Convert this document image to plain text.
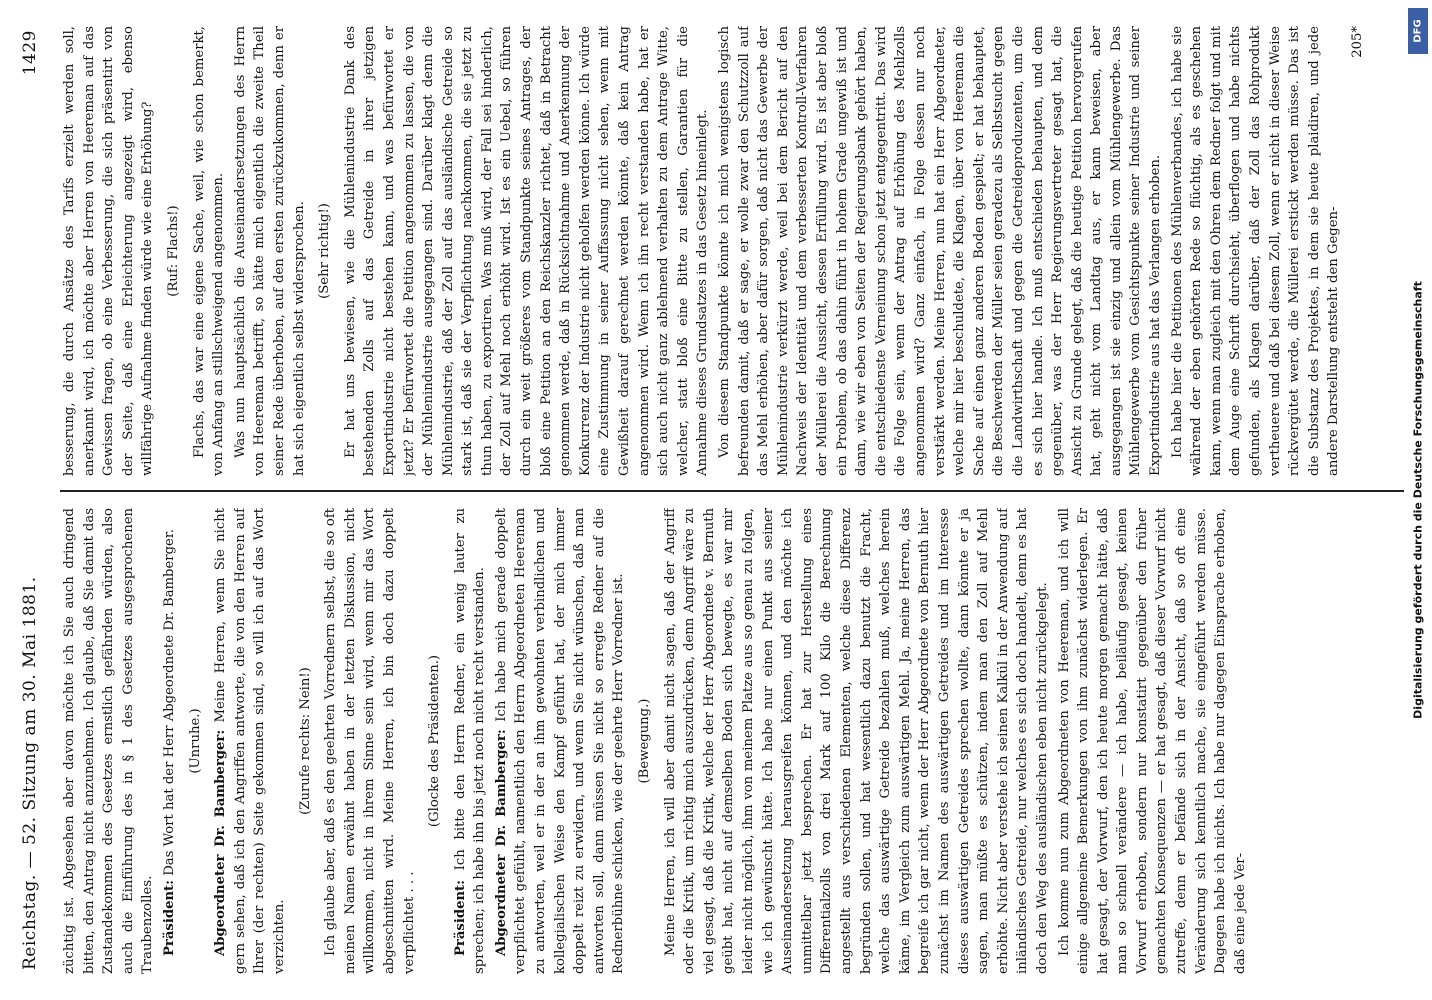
Reichstag. — 52. Sitzung am 30. Mai 1881.
1429

züchtig ist. Abgesehen aber davon möchte ich Sie auch dringend bitten, den Antrag nicht anzunehmen. Ich glaube, daß Sie damit das Zustandekommen des Gesetzes ernstlich gefährden würden, also auch die Einführung des in § 1 des Gesetzes ausgesprochenen Traubenzolles. Präsident: Das Wort hat der Herr Abgeordnete Dr. Bamberger. (Unruhe.) Abgeordneter Dr. Bamberger: Meine Herren, wenn Sie nicht gern sehen, daß ich den Angriffen antworte, die von den Herren auf Ihrer (der rechten) Seite gekommen sind, so will ich auf das Wort verzichten.

(Zurufe rechts: Nein!) Ich glaube aber, daß es den geehrten Vorrednern selbst, die so oft meinen Namen erwähnt haben in der letzten Diskussion, nicht willkommen, nicht in ihrem Sinne sein wird, wenn mir das Wort abgeschnitten wird. Meine Herren, ich bin doch dazu doppelt verpflichtet . . .

(Glocke des Präsidenten.)

Präsident: Ich bitte den Herrn Redner, ein wenig lauter zu sprechen; ich habe ihn bis jetzt noch nicht recht verstanden. Abgeordneter Dr. Bamberger: Ich habe mich gerade doppelt verpflichtet gefühlt, namentlich den Herrn Abgeordneten Heereman zu antworten, weil er in der an ihm gewohnten verbindlichen und kollegialischen Weise den Kampf geführt hat, der mich immer doppelt reizt zu erwidern, und wenn Sie nicht wünschen, daß man antworten soll, dann müssen Sie nicht so erregte Redner auf die Rednerbühne schicken, wie der geehrte Herr Vorredner ist. (Bewegung.) Meine Herren, ich will aber damit nicht sagen, daß der Angriff oder die Kritik, um richtig mich auszudrücken, denn Angriff wäre zu viel gesagt, daß die Kritik, welche der Herr Abgeordnete v. Bernuth geübt hat, nicht auf demselben Boden sich bewegte, es war mir leider nicht möglich, ihm von meinem Platze aus so genau zu folgen, wie ich gewünscht hätte. Ich habe nur einen Punkt aus seiner Auseinandersetzung herausgreifen können, und den möchte ich unmittelbar jetzt besprechen. Er hat zur Herstellung eines Differentialzolls von drei Mark auf 100 Kilo die Berechnung angestellt aus verschiedenen Elementen, welche diese Differenz begründen sollen, und hat wesentlich dazu benutzt die Fracht, welche das auswärtige Getreide bezahlen muß, welches herein käme, im Vergleich zum auswärtigen Mehl. Ja, meine Herren, das begreife ich gar nicht, wenn der Herr Abgeordnete von Bernuth hier zunächst im Namen des auswärtigen Getreides und im Interesse dieses auswärtigen Getreides sprechen wollte, dann könnte er ja sagen, man müßte es schützen, indem man den Zoll auf Mehl erhöhte. Nicht aber verstehe ich seinen Kalkül in der Anwendung auf inländisches Getreide, nur welches es sich doch handelt, denn es hat doch den Weg des ausländischen eben nicht zurückgelegt. Ich komme nun zum Abgeordneten von Heereman, und ich will einige allgemeine Bemerkungen von ihm zunächst widerlegen. Er hat gesagt, der Vorwurf, den ich heute morgen gemacht hätte, daß man so schnell verändere — ich habe, beiläufig gesagt, keinen Vorwurf erhoben, sondern nur konstatirt gegenüber den früher gemachten Konsequenzen — er hat gesagt, daß dieser Vorwurf nicht zutreffe, denn er befände sich in der Ansicht, daß so oft eine Veränderung sich kenntlich mache, sie eingeführt werden müsse. Dagegen habe ich nichts. Ich habe nur dagegen Einsprache erhoben, daß eine jede Ver-

besserung, die durch Ansätze des Tarifs erzielt werden soll, anerkannt wird, ich möchte aber Herren von Heereman auf das Gewissen fragen, ob eine Verbesserung, die sich präsentirt von der Seite, daß eine Erleichterung angezeigt wird, ebenso willfährige Aufnahme finden würde wie eine Erhöhung? (Ruf: Flachs!) Flachs, das war eine eigene Sache, weil, wie schon bemerkt, von Anfang an stillschweigend angenommen. Was nun hauptsächlich die Auseinandersetzungen des Herrn von Heereman betrifft, so hätte mich eigentlich die zweite Theil seiner Rede überhoben, auf den ersten zurückzukommen, denn er hat sich eigentlich selbst widersprochen. (Sehr richtig!) Er hat uns bewiesen, wie die Mühlenindustrie Dank des bestehenden Zolls auf das Getreide in ihrer jetzigen Exportindustrie nicht bestehen kann, und was befürwortet er jetzt? Er befürwortet die Petition angenommen zu lassen, die von der Mühlenindustrie ausgegangen sind. Darüber klagt denn die Mühlenindustrie, daß der Zoll auf das ausländische Getreide so stark ist, daß sie der Verpflichtung nachkommen, die sie jetzt zu thun haben, zu exportiren. Was muß wird, der Fall sei hinderlich, der Zoll auf Mehl noch erhöht wird. Ist es ein Uebel, so führen durch ein weit größeres vom Standpunkte seines Antrages, der bloß eine Petition an den Reichskanzler richtet, daß in Betracht genommen werde, daß in Rücksichtnahme und Anerkennung der Konkurrenz der Industrie nicht geholfen werden könne. Ich würde eine Zustimmung in seiner Auffassung nicht sehen, wenn mit Gewißheit darauf gerechnet werden könnte, daß kein Antrag angenommen wird. Wenn ich ihn recht verstanden habe, hat er sich auch nicht ganz ablehnend verhalten zu dem Antrage Witte, welcher, statt bloß eine Bitte zu stellen, Garantien für die Annahme dieses Grundsatzes in das Gesetz hineinlegt. Von diesem Standpunkte könnte ich mich wenigstens logisch befreunden damit, daß er sage, er wolle zwar den Schutzzoll auf das Mehl erhöhen, aber dafür sorgen, daß nicht das Gewerbe der Mühlenindustrie verkürzt werde, weil bei dem Bericht auf den Nachweis der Identität und dem verbesserten Kontroll-Verfahren der Müllerei die Aussicht, dessen Erfüllung wird. Es ist aber bloß ein Problem, ob das dahin führt in hohem Grade ungewiß ist und dann, wie wir eben von Seiten der Regierungsbank gehört haben, die entschiedenste Verneinung schon jetzt entgegentritt. Das wird die Folge sein, wenn der Antrag auf Erhöhung des Mehlzolls angenommen wird? Ganz einfach, in Folge dessen nur noch verstärkt werden. Meine Herren, nun hat ein Herr Abgeordneter, welche mir hier beschuldete, die Klagen, über von Heereman die Sache auf einen ganz anderen Boden gespielt; er hat behauptet, die Beschwerden der Müller seien geradezu als Selbstsucht gegen die Landwirthschaft und gegen die Getreideproduzenten, um die es sich hier handle. Ich muß entschieden behaupten, und dem gegenüber, was der Herr Regierungsvertreter gesagt hat, die Ansicht zu Grunde gelegt, daß die heutige Petition hervorgerufen hat, geht nicht vom Landtag aus, er kann beweisen, aber ausgegangen ist sie einzig und allein vom Mühlengewerbe. Das Mühlengewerbe vom Gesichtspunkte seiner Industrie und seiner Exportindustrie aus hat das Verlangen erhoben. Ich habe hier die Petitionen des Mühlenverbandes, ich habe sie während der eben gehörten Rede so flüchtig, als es geschehen kann, wenn man zugleich mit den Ohren dem Redner folgt und mit dem Auge eine Schrift durchsieht, überflogen und habe nichts gefunden, als Klagen darüber, daß der Zoll das Rohprodukt vertheuere und daß bei diesem Zoll, wenn er nicht in dieser Weise rückvergütet werde, die Müllerei erstickt werden müsse. Das ist die Substanz des Projektes, in dem sie heute plaidiren, und jede andere Darstellung entsteht den Gegen-

205*

Digitalisierung gefördert durch die Deutsche Forschungsgemeinschaft
DFG
